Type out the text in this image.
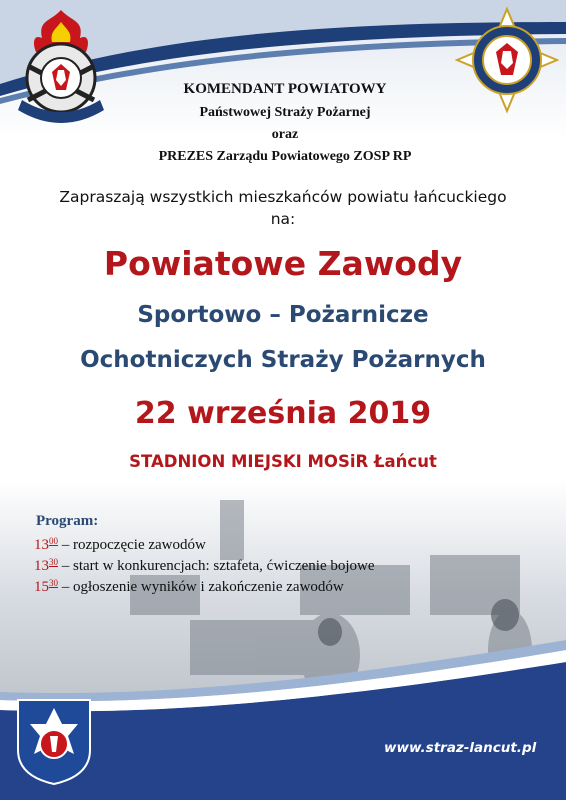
KOMENDANT POWIATOWY
Państwowej Straży Pożarnej
oraz
PREZES Zarządu Powiatowego ZOSP RP
Zapraszają wszystkich mieszkańców powiatu łańcuckiego
na:
Powiatowe Zawody
Sportowo – Pożarnicze
Ochotniczych Straży Pożarnych
22 września 2019
STADNION MIEJSKI MOSiR Łańcut
Program:
$13^{00}$ – rozpoczęcie zawodów
$13^{30}$ – start w konkurencjach: sztafeta, ćwiczenie bojowe
$15^{30}$ – ogłoszenie wyników i zakończenie zawodów
www.straz-lancut.pl
